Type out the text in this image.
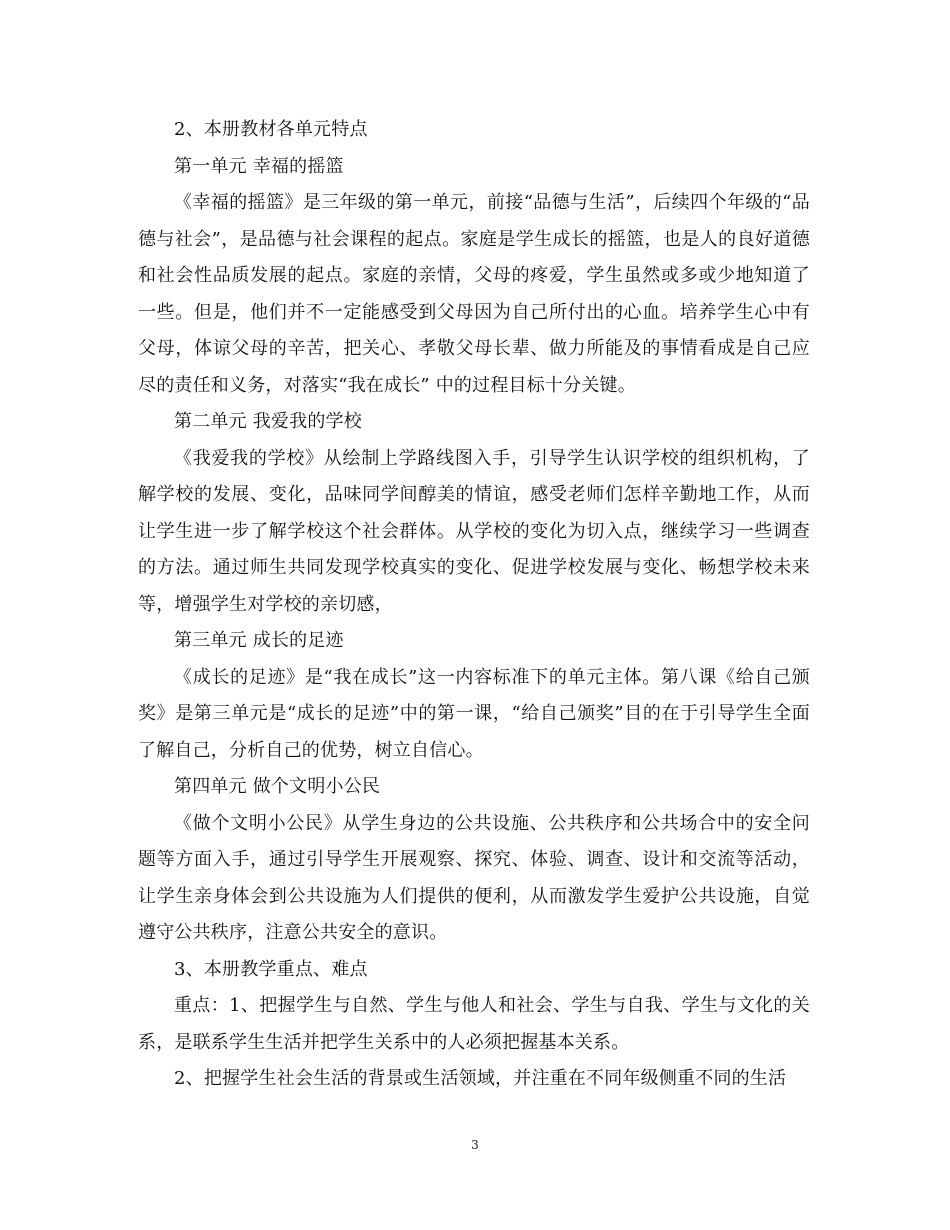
2、本册教材各单元特点

第一单元 幸福的摇篮

《幸福的摇篮》是三年级的第一单元，前接“品德与生活”，后续四个年级的“品德与社会”，是品德与社会课程的起点。家庭是学生成长的摇篮，也是人的良好道德和社会性品质发展的起点。家庭的亲情，父母的疼爱，学生虽然或多或少地知道了一些。但是，他们并不一定能感受到父母因为自己所付出的心血。培养学生心中有父母，体谅父母的辛苦，把关心、孝敬父母长辈、做力所能及的事情看成是自己应尽的责任和义务，对落实“我在成长” 中的过程目标十分关键。

第二单元 我爱我的学校

《我爱我的学校》从绘制上学路线图入手，引导学生认识学校的组织机构，了解学校的发展、变化，品味同学间醇美的情谊，感受老师们怎样辛勤地工作，从而让学生进一步了解学校这个社会群体。从学校的变化为切入点，继续学习一些调查的方法。通过师生共同发现学校真实的变化、促进学校发展与变化、畅想学校未来等，增强学生对学校的亲切感，

第三单元 成长的足迹

《成长的足迹》是“我在成长”这一内容标准下的单元主体。第八课《给自己颁奖》是第三单元是“成长的足迹”中的第一课，“给自己颁奖”目的在于引导学生全面了解自己，分析自己的优势，树立自信心。

第四单元 做个文明小公民

《做个文明小公民》从学生身边的公共设施、公共秩序和公共场合中的安全问题等方面入手，通过引导学生开展观察、探究、体验、调查、设计和交流等活动，让学生亲身体会到公共设施为人们提供的便利，从而激发学生爱护公共设施，自觉遵守公共秩序，注意公共安全的意识。

3、本册教学重点、难点

重点：1、把握学生与自然、学生与他人和社会、学生与自我、学生与文化的关系，是联系学生生活并把学生关系中的人必须把握基本关系。

2、把握学生社会生活的背景或生活领域，并注重在不同年级侧重不同的生活

3
